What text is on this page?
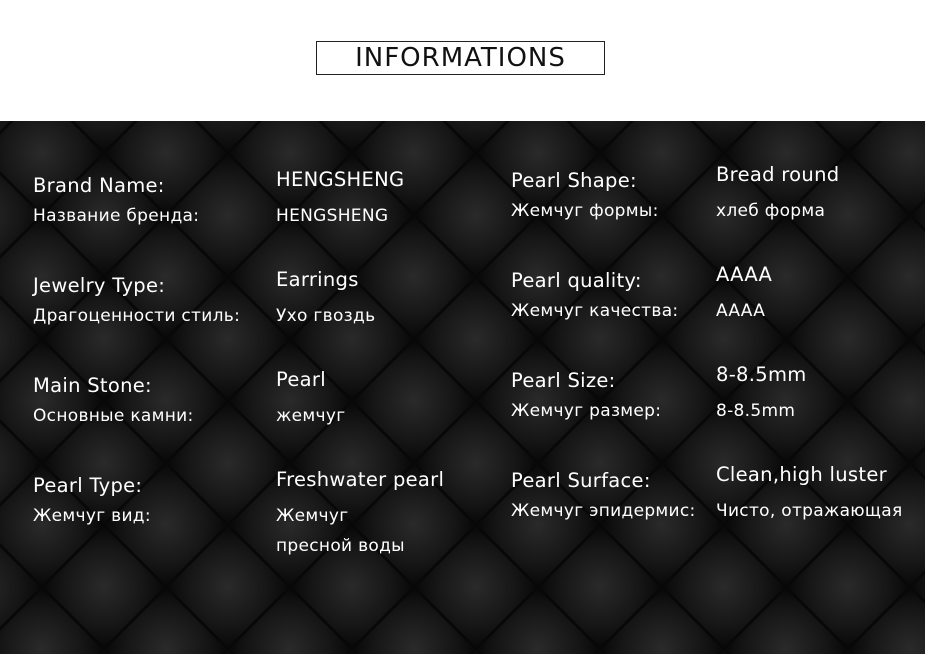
INFORMATIONS
Brand Name:
Название бренда:
HENGSHENG
HENGSHENG
Pearl Shape:
Жемчуг формы:
Bread round
хлеб форма
Jewelry Type:
Драгоценности стиль:
Earrings
Ухо гвоздь
Pearl quality:
Жемчуг качества:
AAAA
AAAA
Main Stone:
Основные камни:
Pearl
жемчуг
Pearl Size:
Жемчуг размер:
8-8.5mm
8-8.5mm
Pearl Type:
Жемчуг вид:
Freshwater pearl
Жемчуг
пресной воды
Pearl Surface:
Жемчуг эпидермис:
Clean,high luster
Чисто, отражающая
